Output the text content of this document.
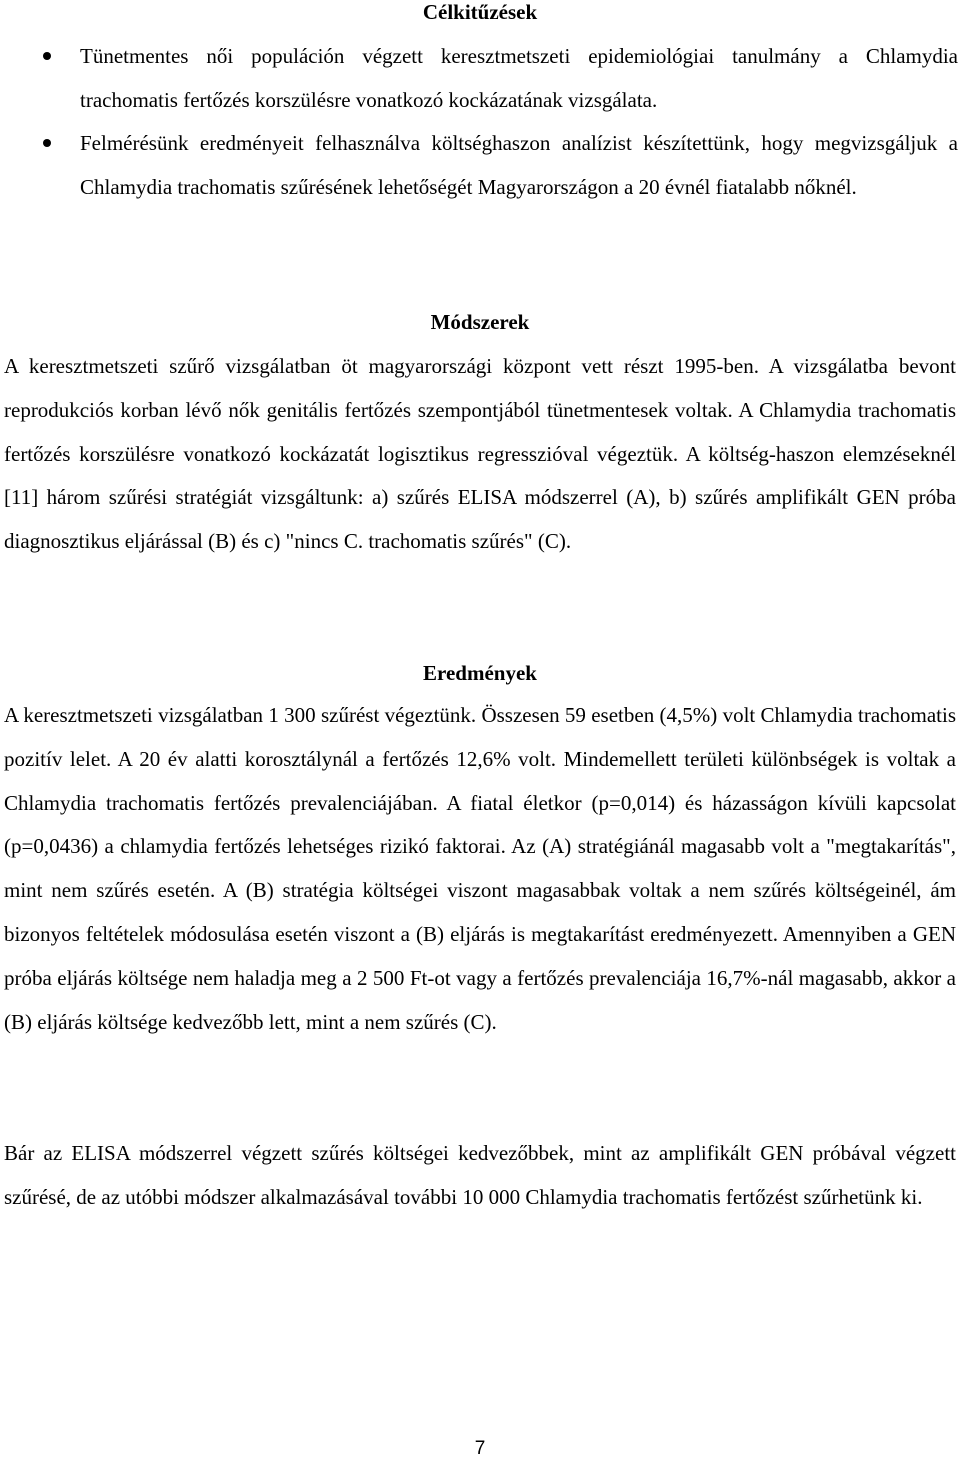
Célkitűzések
Tünetmentes női populáción végzett keresztmetszeti epidemiológiai tanulmány a Chlamydia trachomatis fertőzés korszülésre vonatkozó kockázatának vizsgálata.
Felmérésünk eredményeit felhasználva költséghaszon analízist készítettünk, hogy megvizsgáljuk a Chlamydia trachomatis szűrésének lehetőségét Magyarországon a 20 évnél fiatalabb nőknél.
Módszerek

A keresztmetszeti szűrő vizsgálatban öt magyarországi központ vett részt 1995-ben. A vizsgálatba bevont reprodukciós korban lévő nők genitális fertőzés szempontjából tünetmentesek voltak. A Chlamydia trachomatis fertőzés korszülésre vonatkozó kockázatát logisztikus regresszióval végeztük. A költség-haszon elemzéseknél [11] három szűrési stratégiát vizsgáltunk: a) szűrés ELISA módszerrel (A), b) szűrés amplifikált GEN próba diagnosztikus eljárással (B) és c) "nincs C. trachomatis szűrés" (C).

Eredmények

A keresztmetszeti vizsgálatban 1 300 szűrést végeztünk. Összesen 59 esetben (4,5%) volt Chlamydia trachomatis pozitív lelet. A 20 év alatti korosztálynál a fertőzés 12,6% volt. Mindemellett területi különbségek is voltak a Chlamydia trachomatis fertőzés prevalenciájában. A fiatal életkor (p=0,014) és házasságon kívüli kapcsolat (p=0,0436) a chlamydia fertőzés lehetséges rizikó faktorai. Az (A) stratégiánál magasabb volt a "megtakarítás", mint nem szűrés esetén. A (B) stratégia költségei viszont magasabbak voltak a nem szűrés költségeinél, ám bizonyos feltételek módosulása esetén viszont a (B) eljárás is megtakarítást eredményezett. Amennyiben a GEN próba eljárás költsége nem haladja meg a 2 500 Ft-ot vagy a fertőzés prevalenciája 16,7%-nál magasabb, akkor a (B) eljárás költsége kedvezőbb lett, mint a nem szűrés (C).

Bár az ELISA módszerrel végzett szűrés költségei kedvezőbbek, mint az amplifikált GEN próbával végzett szűrésé, de az utóbbi módszer alkalmazásával további 10 000 Chlamydia trachomatis fertőzést szűrhetünk ki.

7
